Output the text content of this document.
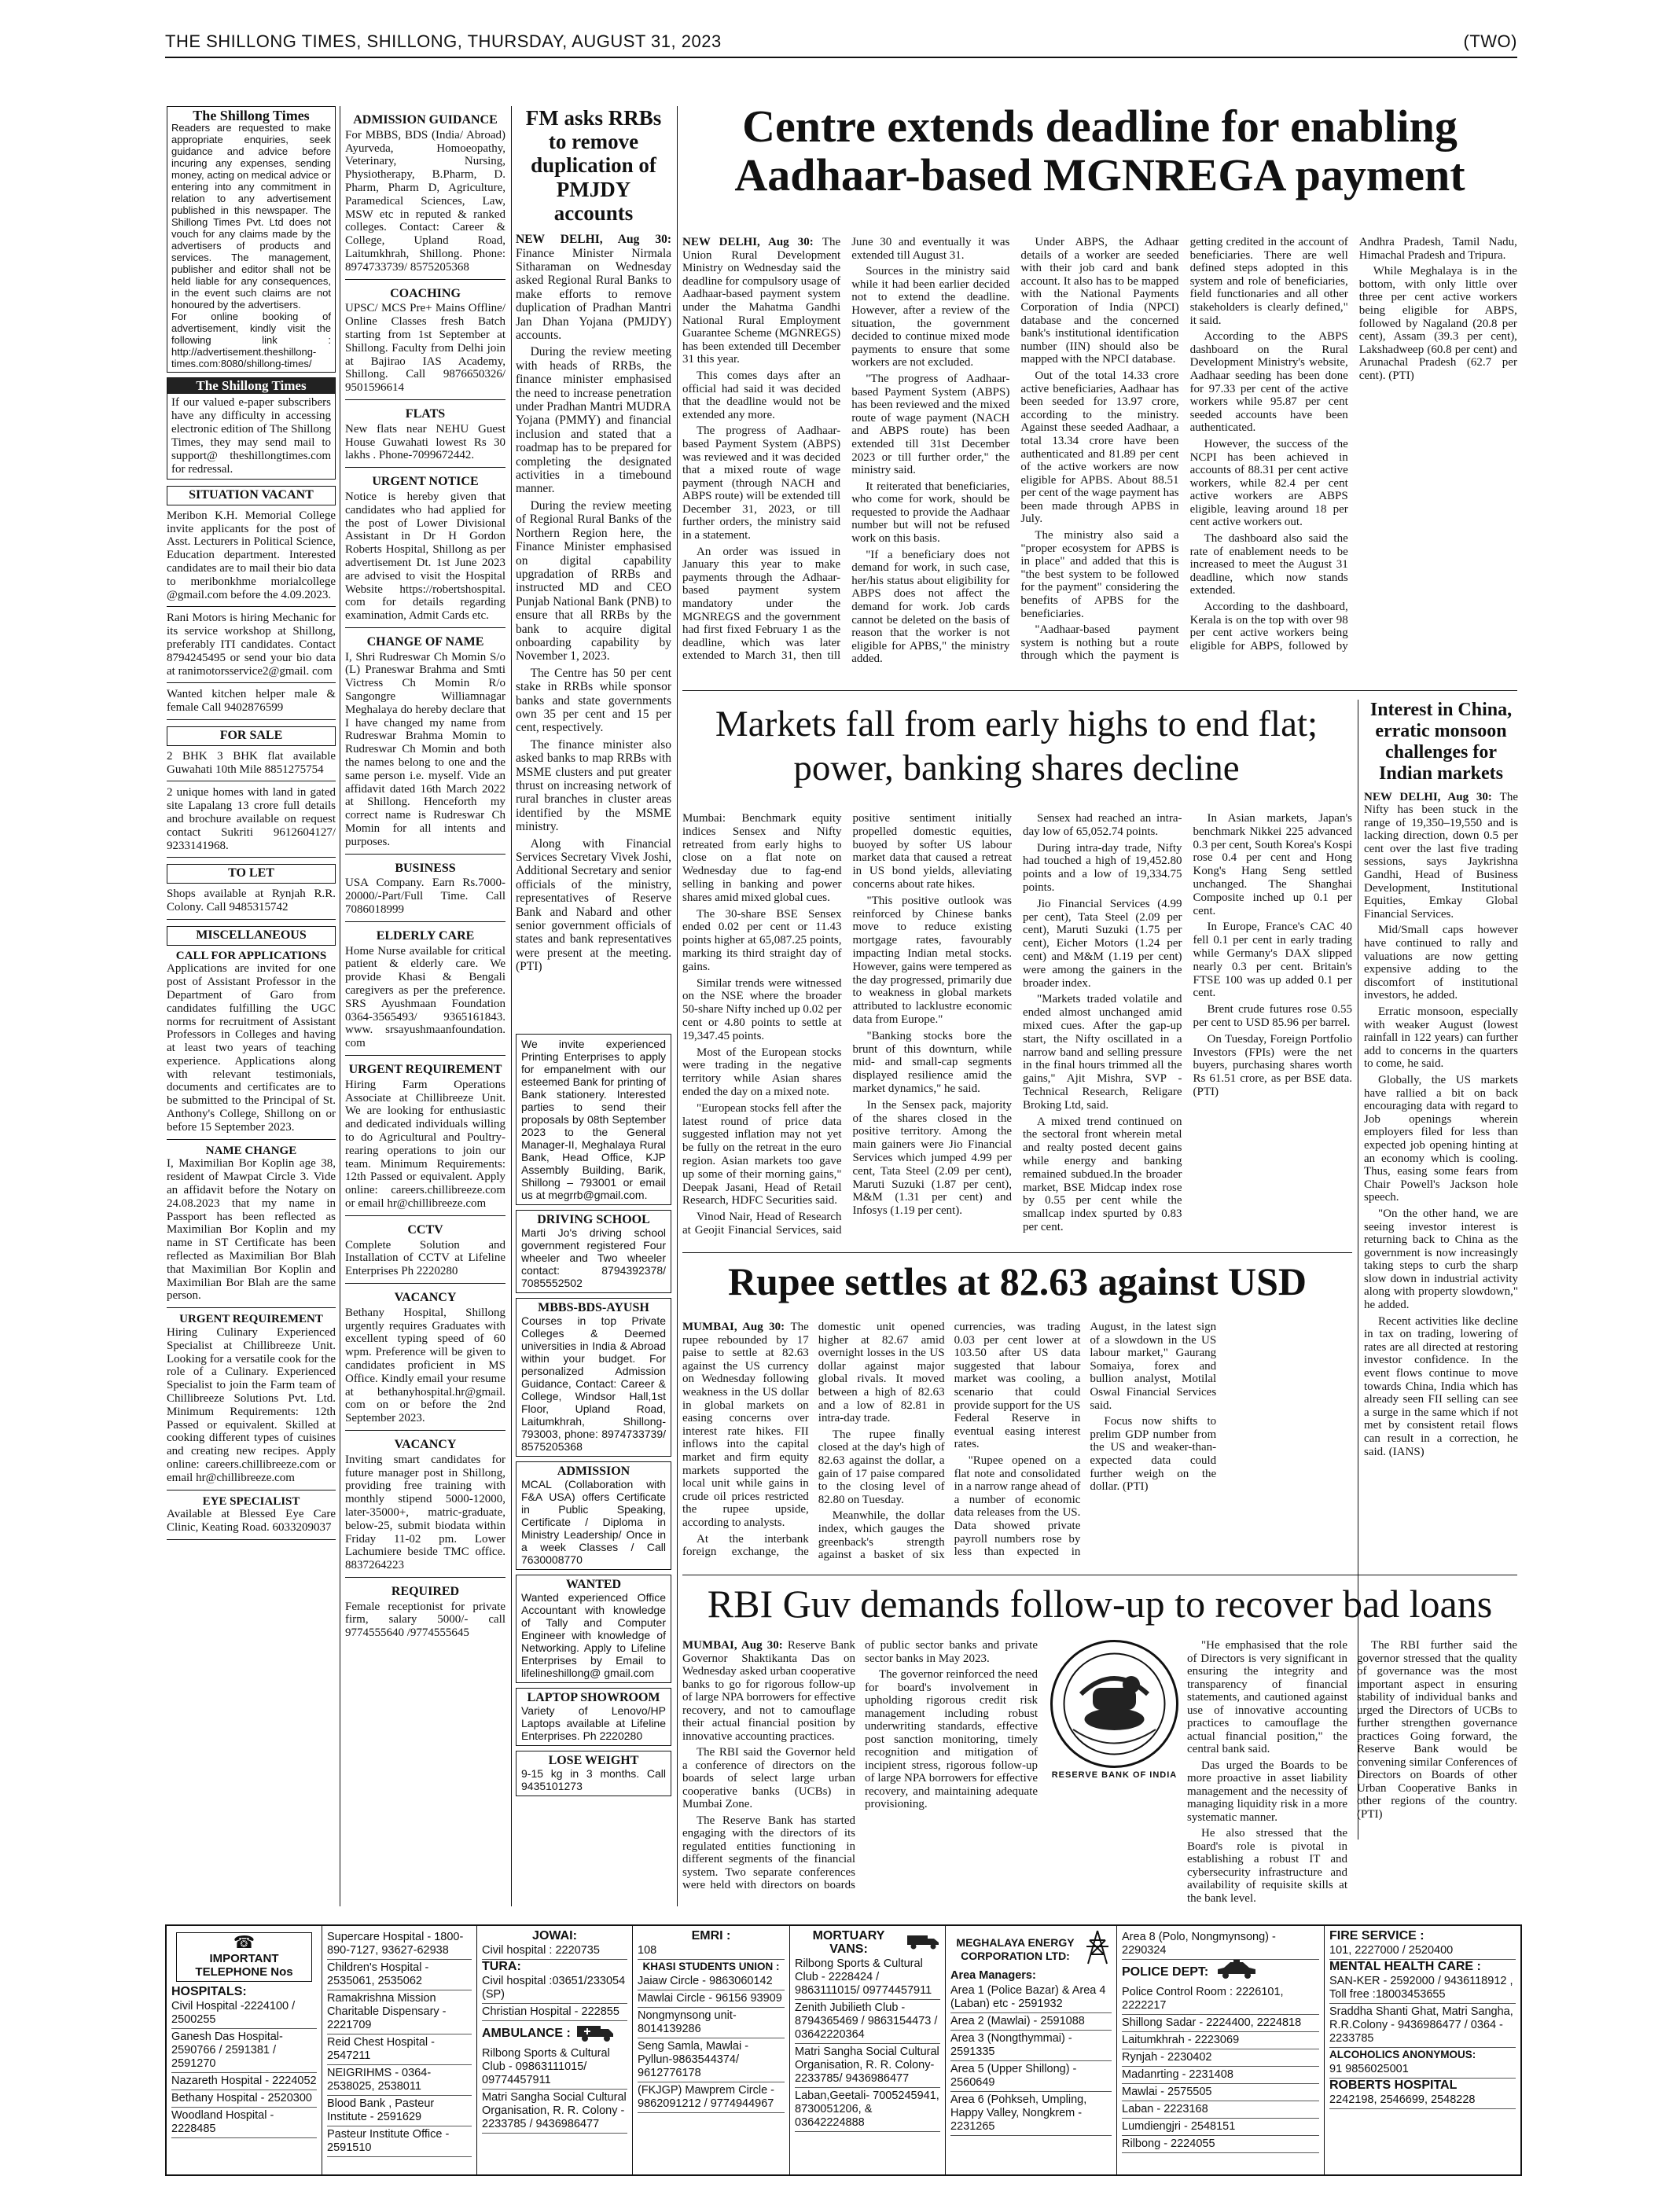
THE SHILLONG TIMES, SHILLONG, THURSDAY, AUGUST 31, 2023	(TWO)
The Shillong Times
Readers are requested to make appropriate enquiries, seek guidance and advice before incuring any expenses, sending money, acting on medical advice or entering into any commitment in relation to any advertisement published in this newspaper. The Shillong Times Pvt. Ltd does not vouch for any claims made by the advertisers of products and services. The management, publisher and editor shall not be held liable for any consequences, in the event such claims are not honoured by the advertisers.
For online booking of advertisement, kindly visit the following link : http://advertisement.theshillong-times.com:8080/shillong-times/
The Shillong Times
If our valued e-paper subscribers have any difficulty in accessing electronic edition of The Shillong Times, they may send mail to support@ theshillongtimes.com for redressal.
SITUATION VACANT
Meribon K.H. Memorial College invite applicants for the post of Asst. Lecturers in Political Science, Education department. Interested candidates are to mail their bio data to meribonkhme morialcollege @gmail.com before the 4.09.2023.
Rani Motors is hiring Mechanic for its service workshop at Shillong, preferably ITI candidates. Contact 8794245495 or send your bio data at ranimotorsservice2@gmail. com
Wanted kitchen helper male & female Call 9402876599
FOR SALE
2 BHK 3 BHK flat available Guwahati 10th Mile 8851275754
2 unique homes with land in gated site Lapalang 13 crore full details and brochure available on request contact Sukriti 9612604127/ 9233141968.
TO LET
Shops available at Rynjah R.R. Colony. Call 9485315742
MISCELLANEOUS
CALL FOR APPLICATIONS
Applications are invited for one post of Assistant Professor in the Department of Garo from candidates fulfilling the UGC norms for recruitment of Assistant Professors in Colleges and having at least two years of teaching experience. Applications along with relevant testimonials, documents and certificates are to be submitted to the Principal of St. Anthony's College, Shillong on or before 15 September 2023.
NAME CHANGE
I, Maximilian Bor Koplin age 38, resident of Mawpat Circle 3. Vide an affidavit before the Notary on 24.08.2023 that my name in Passport has been reflected as Maximilian Bor Koplin and my name in ST Certificate has been reflected as Maximilian Bor Blah that Maximilian Bor Koplin and Maximilian Bor Blah are the same person.
URGENT REQUIREMENT
Hiring Culinary Experienced Specialist at Chillibreeze Unit. Looking for a versatile cook for the role of a Culinary. Experienced Specialist to join the Farm team of Chillibreeze Solutions Pvt. Ltd. Minimum Requirements: 12th Passed or equivalent. Skilled at cooking different types of cuisines and creating new recipes. Apply online: careers.chillibreeze.com or email hr@chillibreeze.com
EYE SPECIALIST
Available at Blessed Eye Care Clinic, Keating Road. 6033209037
ADMISSION GUIDANCE
For MBBS, BDS (India/ Abroad) Ayurveda, Homoeopathy, Veterinary, Nursing, Physiotherapy, B.Pharm, D. Pharm, Pharm D, Agriculture, Paramedical Sciences, Law, MSW etc in reputed & ranked colleges. Contact: Career & College, Upland Road, Laitumkhrah, Shillong. Phone: 8974733739/ 8575205368
COACHING
UPSC/ MCS Pre+ Mains Offline/ Online Classes fresh Batch starting from 1st September at Shillong. Faculty from Delhi join at Bajirao IAS Academy, Shillong. Call 9876650326/ 9501596614
FLATS
New flats near NEHU Guest House Guwahati lowest Rs 30 lakhs . Phone-7099672442.
URGENT NOTICE
Notice is hereby given that candidates who had applied for the post of Lower Divisional Assistant in Dr H Gordon Roberts Hospital, Shillong as per advertisement Dt. 1st June 2023 are advised to visit the Hospital Website https://robertshospital. com for details regarding examination, Admit Cards etc.
CHANGE OF NAME
I, Shri Rudreswar Ch Momin S/o (L) Praneswar Brahma and Smti Victress Ch Momin R/o Sangongre Williamnagar Meghalaya do hereby declare that I have changed my name from Rudreswar Brahma Momin to Rudreswar Ch Momin and both the names belong to one and the same person i.e. myself. Vide an affidavit dated 16th March 2022 at Shillong. Henceforth my correct name is Rudreswar Ch Momin for all intents and purposes.
BUSINESS
USA Company. Earn Rs.7000-20000/-Part/Full Time. Call 7086018999
ELDERLY CARE
Home Nurse available for critical patient & elderly care. We provide Khasi & Bengali caregivers as per the preference. SRS Ayushmaan Foundation 0364-3565493/ 9365161843. www. srsayushmaanfoundation. com
URGENT REQUIREMENT
Hiring Farm Operations Associate at Chillibreeze Unit. We are looking for enthusiastic and dedicated individuals willing to do Agricultural and Poultry-rearing operations to join our team. Minimum Requirements: 12th Passed or equivalent. Apply online: careers.chillibreeze.com or email hr@chillibreeze.com
CCTV
Complete Solution and Installation of CCTV at Lifeline Enterprises Ph 2220280
VACANCY
Bethany Hospital, Shillong urgently requires Graduates with excellent typing speed of 60 wpm. Preference will be given to candidates proficient in MS Office. Kindly email your resume at bethanyhospital.hr@gmail. com on or before the 2nd September 2023.
VACANCY
Inviting smart candidates for future manager post in Shillong, providing free training with monthly stipend 5000-12000, later-35000+, matric-graduate, below-25, submit biodata within Friday 11-02 pm. Lower Lachumiere beside TMC office. 8837264223
REQUIRED
Female receptionist for private firm, salary 5000/- call 9774555640 /9774555645
FM asks RRBs to remove duplication of PMJDY accounts

NEW DELHI, Aug 30: Finance Minister Nirmala Sitharaman on Wednesday asked Regional Rural Banks to make efforts to remove duplication of Pradhan Mantri Jan Dhan Yojana (PMJDY) accounts.

During the review meeting with heads of RRBs, the finance minister emphasised the need to increase penetration under Pradhan Mantri MUDRA Yojana (PMMY) and financial inclusion and stated that a roadmap has to be prepared for completing the designated activities in a timebound manner.

During the review meeting of Regional Rural Banks of the Northern Region here, the Finance Minister emphasised on digital capability upgradation of RRBs and instructed MD and CEO Punjab National Bank (PNB) to ensure that all RRBs by the bank to acquire digital onboarding capability by November 1, 2023.

The Centre has 50 per cent stake in RRBs while sponsor banks and state governments own 35 per cent and 15 per cent, respectively.

The finance minister also asked banks to map RRBs with MSME clusters and put greater thrust on increasing network of rural branches in cluster areas identified by the MSME ministry.

Along with Financial Services Secretary Vivek Joshi, Additional Secretary and senior officials of the ministry, representatives of Reserve Bank and Nabard and other senior government officials of states and bank representatives were present at the meeting. (PTI)

We invite experienced Printing Enterprises to apply for empanelment with our esteemed Bank for printing of Bank stationery. Interested parties to send their proposals by 08th September 2023 to the General Manager-II, Meghalaya Rural Bank, Head Office, KJP Assembly Building, Barik, Shillong – 793001 or email us at megrrb@gmail.com.
DRIVING SCHOOL
Marti Jo's driving school government registered Four wheeler and Two wheeler contact: 8794392378/ 7085552502
MBBS-BDS-AYUSH
Courses in top Private Colleges & Deemed universities in India & Abroad within your budget. For personalized Admission Guidance, Contact: Career & College, Windsor Hall,1st Floor, Upland Road, Laitumkhrah, Shillong- 793003, phone: 8974733739/ 8575205368
ADMISSION
MCAL (Collaboration with F&A USA) offers Certificate in Public Speaking, Certificate / Diploma in Ministry Leadership/ Once in a week Classes / Call 7630008770
WANTED
Wanted experienced Office Accountant with knowledge of Tally and Computer Engineer with knowledge of Networking. Apply to Lifeline Enterprises by Email to lifelineshillong@ gmail.com
LAPTOP SHOWROOM
Variety of Lenovo/HP Laptops available at Lifeline Enterprises. Ph 2220280
LOSE WEIGHT
9-15 kg in 3 months. Call 9435101273
Centre extends deadline for enabling Aadhaar-based MGNREGA payment

NEW DELHI, Aug 30: The Union Rural Development Ministry on Wednesday said the deadline for compulsory usage of Aadhaar-based payment system under the Mahatma Gandhi National Rural Employment Guarantee Scheme (MGNREGS) has been extended till December 31 this year.

This comes days after an official had said it was decided that the deadline would not be extended any more.

The progress of Aadhaar-based Payment System (ABPS) was reviewed and it was decided that a mixed route of wage payment (through NACH and ABPS route) will be extended till December 31, 2023, or till further orders, the ministry said in a statement.

An order was issued in January this year to make payments through the Adhaar-based payment system mandatory under the MGNREGS and the government had first fixed February 1 as the deadline, which was later extended to March 31, then till June 30 and eventually it was extended till August 31.

Sources in the ministry said while it had been earlier decided not to extend the deadline. However, after a review of the situation, the government decided to continue mixed mode payments to ensure that some workers are not excluded.

"The progress of Aadhaar-based Payment System (ABPS) has been reviewed and the mixed route of wage payment (NACH and ABPS route) has been extended till 31st December 2023 or till further order," the ministry said.

It reiterated that beneficiaries, who come for work, should be requested to provide the Aadhaar number but will not be refused work on this basis.

"If a beneficiary does not demand for work, in such case, her/his status about eligibility for ABPS does not affect the demand for work. Job cards cannot be deleted on the basis of reason that the worker is not eligible for APBS," the ministry added.

Under ABPS, the Adhaar details of a worker are seeded with their job card and bank account. It also has to be mapped with the National Payments Corporation of India (NPCI) database and the concerned bank's institutional identification number (IIN) should also be mapped with the NPCI database.

Out of the total 14.33 crore active beneficiaries, Aadhaar has been seeded for 13.97 crore, according to the ministry. Against these seeded Aadhaar, a total 13.34 crore have been authenticated and 81.89 per cent of the active workers are now eligible for APBS. About 88.51 per cent of the wage payment has been made through APBS in July.

The ministry also said a "proper ecosystem for APBS is in place" and added that this is "the best system to be followed for the payment" considering the benefits of APBS for the beneficiaries.

"Aadhaar-based payment system is nothing but a route through which the payment is getting credited in the account of beneficiaries. There are well defined steps adopted in this system and role of beneficiaries, field functionaries and all other stakeholders is clearly defined," it said.

According to the ABPS dashboard on the Rural Development Ministry's website, Aadhaar seeding has been done for 97.33 per cent of the active workers while 95.87 per cent seeded accounts have been authenticated.

However, the success of the NCPI has been achieved in accounts of 88.31 per cent active workers, while 82.4 per cent active workers are ABPS eligible, leaving around 18 per cent active workers out.

The dashboard also said the rate of enablement needs to be increased to meet the August 31 deadline, which now stands extended.

According to the dashboard, Kerala is on the top with over 98 per cent active workers being eligible for ABPS, followed by Andhra Pradesh, Tamil Nadu, Himachal Pradesh and Tripura.

While Meghalaya is in the bottom, with only little over three per cent active workers being eligible for ABPS, followed by Nagaland (20.8 per cent), Assam (39.3 per cent), Lakshadweep (60.8 per cent) and Arunachal Pradesh (62.7 per cent). (PTI)

Markets fall from early highs to end flat; power, banking shares decline

Mumbai: Benchmark equity indices Sensex and Nifty retreated from early highs to close on a flat note on Wednesday due to fag-end selling in banking and power shares amid mixed global cues.

The 30-share BSE Sensex ended 0.02 per cent or 11.43 points higher at 65,087.25 points, marking its third straight day of gains.

Similar trends were witnessed on the NSE where the broader 50-share Nifty inched up 0.02 per cent or 4.80 points to settle at 19,347.45 points.

Most of the European stocks were trading in the negative territory while Asian shares ended the day on a mixed note.

"European stocks fell after the latest round of price data suggested inflation may not yet be fully on the retreat in the euro region. Asian markets too gave up some of their morning gains," Deepak Jasani, Head of Retail Research, HDFC Securities said.

Vinod Nair, Head of Research at Geojit Financial Services, said positive sentiment initially propelled domestic equities, buoyed by softer US labour market data that caused a retreat in US bond yields, alleviating concerns about rate hikes.

"This positive outlook was reinforced by Chinese banks move to reduce existing mortgage rates, favourably impacting Indian metal stocks. However, gains were tempered as the day progressed, primarily due to weakness in global markets attributed to lacklustre economic data from Europe."

"Banking stocks bore the brunt of this downturn, while mid- and small-cap segments displayed resilience amid the market dynamics," he said.

In the Sensex pack, majority of the shares closed in the positive territory. Among the main gainers were Jio Financial Services which jumped 4.99 per cent, Tata Steel (2.09 per cent), Maruti Suzuki (1.87 per cent), M&M (1.31 per cent) and Infosys (1.19 per cent).

Sensex had reached an intra-day low of 65,052.74 points.

During intra-day trade, Nifty had touched a high of 19,452.80 points and a low of 19,334.75 points.

Jio Financial Services (4.99 per cent), Tata Steel (2.09 per cent), Maruti Suzuki (1.75 per cent), Eicher Motors (1.24 per cent) and M&M (1.19 per cent) were among the gainers in the broader index.

"Markets traded volatile and ended almost unchanged amid mixed cues. After the gap-up start, the Nifty oscillated in a narrow band and selling pressure in the final hours trimmed all the gains," Ajit Mishra, SVP - Technical Research, Religare Broking Ltd, said.

A mixed trend continued on the sectoral front wherein metal and realty posted decent gains while energy and banking remained subdued.In the broader market, BSE Midcap index rose by 0.55 per cent while the smallcap index spurted by 0.83 per cent.

In Asian markets, Japan's benchmark Nikkei 225 advanced 0.3 per cent, South Korea's Kospi rose 0.4 per cent and Hong Kong's Hang Seng settled unchanged. The Shanghai Composite inched up 0.1 per cent.

In Europe, France's CAC 40 fell 0.1 per cent in early trading while Germany's DAX slipped nearly 0.3 per cent. Britain's FTSE 100 was up added 0.1 per cent.

Brent crude futures rose 0.55 per cent to USD 85.96 per barrel.

On Tuesday, Foreign Portfolio Investors (FPIs) were the net buyers, purchasing shares worth Rs 61.51 crore, as per BSE data. (PTI)

Interest in China, erratic monsoon challenges for Indian markets

NEW DELHI, Aug 30: The Nifty has been stuck in the range of 19,350–19,550 and is lacking direction, down 0.5 per cent over the last five trading sessions, says Jaykrishna Gandhi, Head of Business Development, Institutional Equities, Emkay Global Financial Services.

Mid/Small caps however have continued to rally and valuations are now getting expensive adding to the discomfort of institutional investors, he added.

Erratic monsoon, especially with weaker August (lowest rainfall in 122 years) can further add to concerns in the quarters to come, he said.

Globally, the US markets have rallied a bit on back encouraging data with regard to Job openings wherein employers filed for less than expected job opening hinting at an economy which is cooling. Thus, easing some fears from Chair Powell's Jackson hole speech.

"On the other hand, we are seeing investor interest is returning back to China as the government is now increasingly taking steps to curb the sharp slow down in industrial activity along with property slowdown," he added.

Recent activities like decline in tax on trading, lowering of rates are all directed at restoring investor confidence. In the event flows continue to move towards China, India which has already seen FII selling can see a surge in the same which if not met by consistent retail flows can result in a correction, he said. (IANS)

Rupee settles at 82.63 against USD

MUMBAI, Aug 30: The rupee rebounded by 17 paise to settle at 82.63 against the US currency on Wednesday following weakness in the US dollar in global markets on easing concerns over interest rate hikes. FII inflows into the capital market and firm equity markets supported the local unit while gains in crude oil prices restricted the rupee upside, according to analysts.

At the interbank foreign exchange, the domestic unit opened higher at 82.67 amid overnight losses in the US dollar against major global rivals. It moved between a high of 82.63 and a low of 82.81 in intra-day trade.

The rupee finally closed at the day's high of 82.63 against the dollar, a gain of 17 paise compared to the closing level of 82.80 on Tuesday.

Meanwhile, the dollar index, which gauges the greenback's strength against a basket of six currencies, was trading 0.03 per cent lower at 103.50 after US data suggested that labour market was cooling, a scenario that could provide support for the US Federal Reserve in eventual easing interest rates.

"Rupee opened on a flat note and consolidated in a narrow range ahead of a number of economic data releases from the US. Data showed private payroll numbers rose by less than expected in August, in the latest sign of a slowdown in the US labour market," Gaurang Somaiya, forex and bullion analyst, Motilal Oswal Financial Services said.

Focus now shifts to prelim GDP number from the US and weaker-than-expected data could further weigh on the dollar. (PTI)

RBI Guv demands follow-up to recover bad loans

MUMBAI, Aug 30: Reserve Bank Governor Shaktikanta Das on Wednesday asked urban cooperative banks to go for rigorous follow-up of large NPA borrowers for effective recovery, and not to camouflage their actual financial position by innovative accounting practices.

The RBI said the Governor held a conference of directors on the boards of select large urban cooperative banks (UCBs) in Mumbai Zone.

The Reserve Bank has started engaging with the directors of its regulated entities functioning in different segments of the financial system. Two separate conferences were held with directors on boards of public sector banks and private sector banks in May 2023.

The governor reinforced the need for board's involvement in upholding rigorous credit risk management including robust underwriting standards, effective post sanction monitoring, timely recognition and mitigation of incipient stress, rigorous follow-up of large NPA borrowers for effective recovery, and maintaining adequate provisioning.

RESERVE BANK OF INDIA

"He emphasised that the role of Directors is very significant in ensuring the integrity and transparency of financial statements, and cautioned against use of innovative accounting practices to camouflage the actual financial position," the central bank said.

Das urged the Boards to be more proactive in asset liability management and the necessity of managing liquidity risk in a more systematic manner.

He also stressed that the Board's role is pivotal in establishing a robust IT and cybersecurity infrastructure and availability of requisite skills at the bank level.

The RBI further said the governor stressed that the quality of governance was the most important aspect in ensuring stability of individual banks and urged the Directors of UCBs to further strengthen governance practices Going forward, the Reserve Bank would be convening similar Conferences of Directors on Boards of other Urban Cooperative Banks in other regions of the country. (PTI)

☎
IMPORTANT TELEPHONE Nos
HOSPITALS:
Civil Hospital -2224100 / 2500255
Ganesh Das Hospital-2590766 / 2591381 / 2591270
Nazareth Hospital - 2224052
Bethany Hospital - 2520300
Woodland Hospital - 2228485
Supercare Hospital - 1800-890-7127, 93627-62938
Children's Hospital - 2535061, 2535062
Ramakrishna Mission Charitable Dispensary - 2221709
Reid Chest Hospital - 2547211
NEIGRIHMS - 0364-2538025, 2538011
Blood Bank , Pasteur Institute - 2591629
Pasteur Institute Office - 2591510
JOWAI:
Civil hospital : 2220735
TURA:
Civil hospital :03651/233054 (SP)
Christian Hospital - 222855
AMBULANCE :
Rilbong Sports & Cultural Club - 09863111015/ 09774457911
Matri Sangha Social Cultural Organisation, R. R. Colony - 2233785 / 9436986477
EMRI :
108
KHASI STUDENTS UNION :
Jaiaw Circle - 9863060142
Mawlai Circle - 96156 93909
Nongmynsong unit- 8014139286
Seng Samla, Mawlai - Pyllun-9863544374/ 9612776178
(FKJGP) Mawprem Circle - 9862091212 / 9774944967
MORTUARY VANS:
Rilbong Sports & Cultural Club - 2228424 / 9863111015/ 09774457911
Zenith Jubilieth Club - 8794365469 / 9863154473 / 03642220364
Matri Sangha Social Cultural Organisation, R. R. Colony- 2233785/ 9436986477
Laban,Geetali- 7005245941, 8730051206, & 03642224888
MEGHALAYA ENERGY CORPORATION LTD:
Area Managers:
Area 1 (Police Bazar) & Area 4 (Laban) etc - 2591932
Area 2 (Mawlai) - 2591088
Area 3 (Nongthymmai) - 2591335
Area 5 (Upper Shillong) - 2560649
Area 6 (Pohkseh, Umpling, Happy Valley, Nongkrem - 2231265
Area 8 (Polo, Nongmynsong) - 2290324
POLICE DEPT:
Police Control Room : 2226101, 2222217
Shillong Sadar - 2224400, 2224818
Laitumkhrah - 2223069
Rynjah - 2230402
Madanrting - 2231408
Mawlai - 2575505
Laban - 2223168
Lumdiengjri - 2548151
Rilbong - 2224055
FIRE SERVICE :
101, 2227000 / 2520400
MENTAL HEALTH CARE :
SAN-KER - 2592000 / 9436118912 , Toll free :18003453655
Sraddha Shanti Ghat, Matri Sangha, R.R.Colony - 9436986477 / 0364 - 2233785
ALCOHOLICS ANONYMOUS:
91 9856025001
ROBERTS HOSPITAL
2242198, 2546699, 2548228
